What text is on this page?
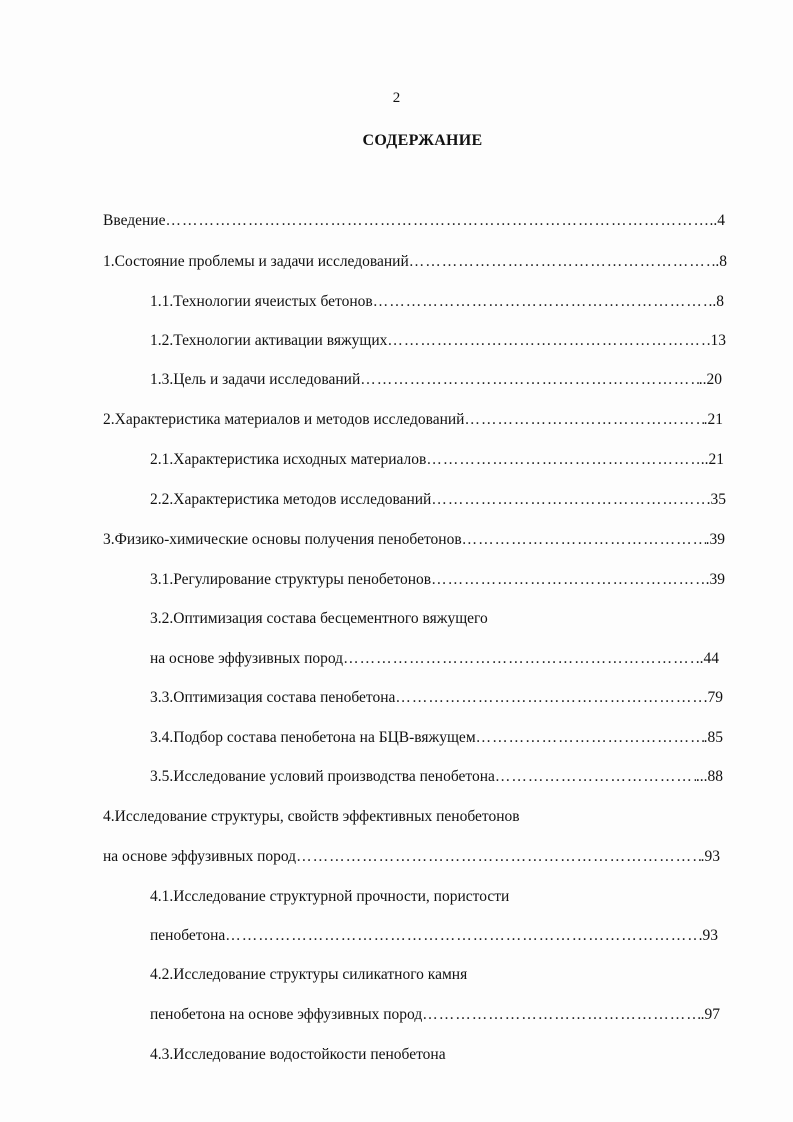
2
СОДЕРЖАНИЕ
Введение …………………………………………………………………………………………………………………………………………………………………………………………	..4
1.Состояние проблемы и задачи исследований …………………………………………………………………………………………………………………………………………………………………………………………	.8
1.1.Технологии ячеистых бетонов …………………………………………………………………………………………………………………………………………………………………………………………	..8
1.2.Технологии активации вяжущих …………………………………………………………………………………………………………………………………………………………………………………………	13
1.3.Цель и задачи исследований …………………………………………………………………………………………………………………………………………………………………………………………	..20
2.Характеристика материалов и методов исследований …………………………………………………………………………………………………………………………………………………………………………………………	.21
2.1.Характеристика исходных материалов …………………………………………………………………………………………………………………………………………………………………………………………	..21
2.2.Характеристика методов исследований …………………………………………………………………………………………………………………………………………………………………………………………	.35
3.Физико-химические основы получения пенобетонов …………………………………………………………………………………………………………………………………………………………………………………………	.39
3.1.Регулирование структуры пенобетонов …………………………………………………………………………………………………………………………………………………………………………………………	.39
3.2.Оптимизация состава бесцементного вяжущего
на основе эффузивных пород …………………………………………………………………………………………………………………………………………………………………………………………	..44
3.3.Оптимизация состава пенобетона …………………………………………………………………………………………………………………………………………………………………………………………	.79
3.4.Подбор состава пенобетона на БЦВ-вяжущем …………………………………………………………………………………………………………………………………………………………………………………………	.85
3.5.Исследование условий производства пенобетона …………………………………………………………………………………………………………………………………………………………………………………………	...88
4.Исследование структуры, свойств эффективных пенобетонов
на основе эффузивных пород …………………………………………………………………………………………………………………………………………………………………………………………	.93
4.1.Исследование структурной прочности, пористости
пенобетона …………………………………………………………………………………………………………………………………………………………………………………………	.93
4.2.Исследование структуры силикатного камня
пенобетона на основе эффузивных пород …………………………………………………………………………………………………………………………………………………………………………………………	.97
4.3.Исследование водостойкости пенобетона
